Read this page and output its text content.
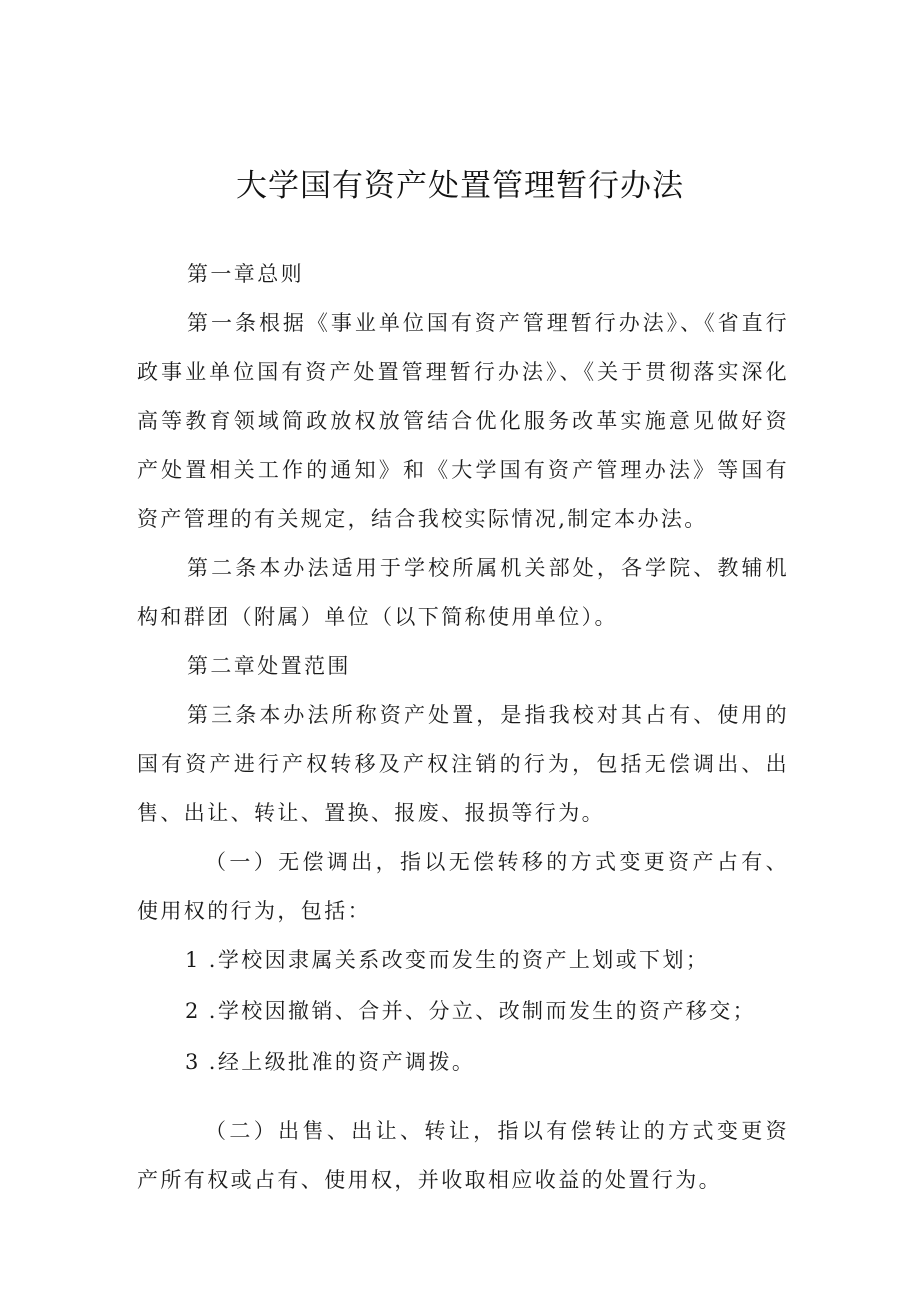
大学国有资产处置管理暂行办法

第一章总则

第一条根据《事业单位国有资产管理暂行办法》、《省直行政事业单位国有资产处置管理暂行办法》、《关于贯彻落实深化高等教育领域简政放权放管结合优化服务改革实施意见做好资产处置相关工作的通知》和《大学国有资产管理办法》等国有资产管理的有关规定，结合我校实际情况,制定本办法。

第二条本办法适用于学校所属机关部处，各学院、教辅机构和群团（附属）单位（以下简称使用单位）。

第二章处置范围

第三条本办法所称资产处置，是指我校对其占有、使用的国有资产进行产权转移及产权注销的行为，包括无偿调出、出售、出让、转让、置换、报废、报损等行为。

（一）无偿调出，指以无偿转移的方式变更资产占有、使用权的行为，包括：

1 .学校因隶属关系改变而发生的资产上划或下划；
2 .学校因撤销、合并、分立、改制而发生的资产移交；
3 .经上级批准的资产调拨。

（二）出售、出让、转让，指以有偿转让的方式变更资产所有权或占有、使用权，并收取相应收益的处置行为。
